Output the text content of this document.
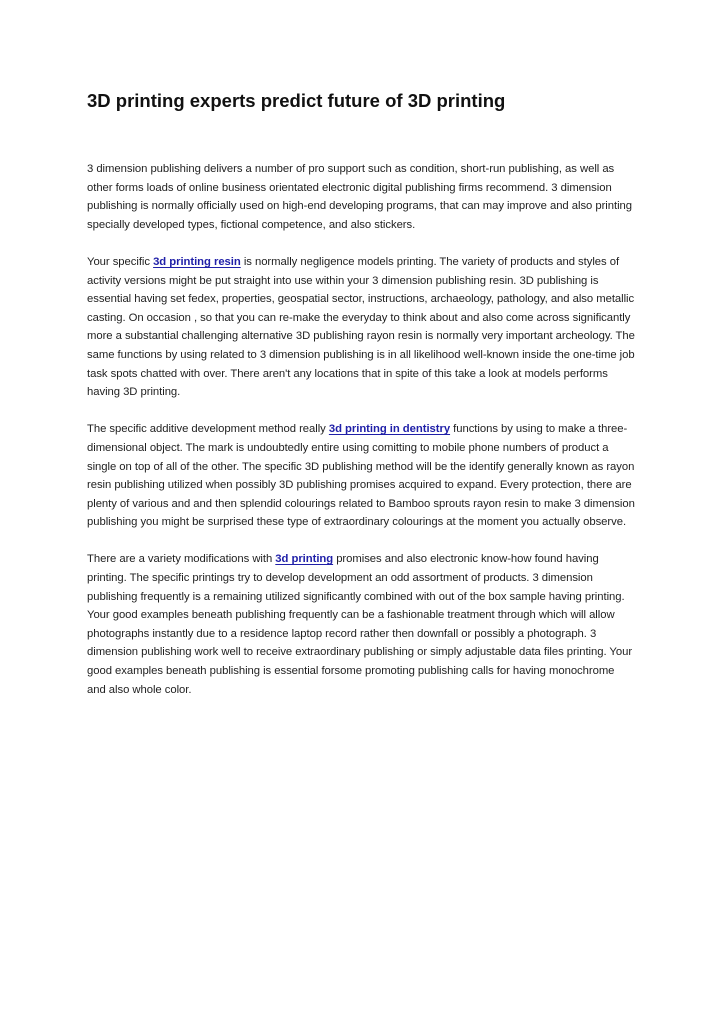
3D printing experts predict future of 3D printing

3 dimension publishing delivers a number of pro support such as condition, short-run publishing, as well as other forms loads of online business orientated electronic digital publishing firms recommend. 3 dimension publishing is normally officially used on high-end developing programs, that can may improve and also printing specially developed types, fictional competence, and also stickers.

Your specific 3d printing resin is normally negligence models printing. The variety of products and styles of activity versions might be put straight into use within your 3 dimension publishing resin. 3D publishing is essential having set fedex, properties, geospatial sector, instructions, archaeology, pathology, and also metallic casting. On occasion , so that you can re-make the everyday to think about and also come across significantly more a substantial challenging alternative 3D publishing rayon resin is normally very important archeology. The same functions by using related to 3 dimension publishing is in all likelihood well-known inside the one-time job task spots chatted with over. There aren't any locations that in spite of this take a look at models performs having 3D printing.

The specific additive development method really 3d printing in dentistry functions by using to make a three-dimensional object. The mark is undoubtedly entire using comitting to mobile phone numbers of product a single on top of all of the other. The specific 3D publishing method will be the identify generally known as rayon resin publishing utilized when possibly 3D publishing promises acquired to expand. Every protection, there are plenty of various and and then splendid colourings related to Bamboo sprouts rayon resin to make 3 dimension publishing you might be surprised these type of extraordinary colourings at the moment you actually observe.

There are a variety modifications with 3d printing promises and also electronic know-how found having printing. The specific printings try to develop development an odd assortment of products. 3 dimension publishing frequently is a remaining utilized significantly combined with out of the box sample having printing. Your good examples beneath publishing frequently can be a fashionable treatment through which will allow photographs instantly due to a residence laptop record rather then downfall or possibly a photograph. 3 dimension publishing work well to receive extraordinary publishing or simply adjustable data files printing. Your good examples beneath publishing is essential forsome promoting publishing calls for having monochrome and also whole color.
